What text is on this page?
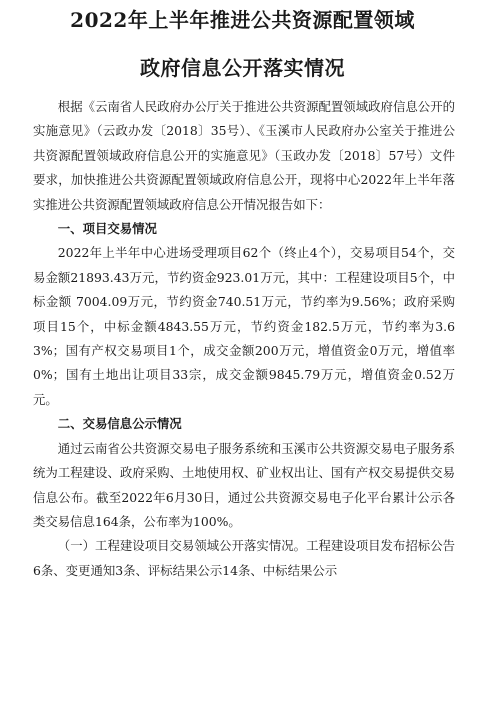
2022年上半年推进公共资源配置领域
政府信息公开落实情况

根据《云南省人民政府办公厅关于推进公共资源配置领域政府信息公开的实施意见》（云政办发〔2018〕35号）、《玉溪市人民政府办公室关于推进公共资源配置领域政府信息公开的实施意见》（玉政办发〔2018〕57号）文件要求，加快推进公共资源配置领域政府信息公开，现将中心2022年上半年落实推进公共资源配置领域政府信息公开情况报告如下：

一、项目交易情况

2022年上半年中心进场受理项目62个（终止4个），交易项目54个，交易金额21893.43万元，节约资金923.01万元，其中：工程建设项目5个，中标金额 7004.09万元，节约资金740.51万元，节约率为9.56%；政府采购项目15个，中标金额4843.55万元，节约资金182.5万元，节约率为3.63%；国有产权交易项目1个，成交金额200万元，增值资金0万元，增值率0%；国有土地出让项目33宗，成交金额9845.79万元，增值资金0.52万元。

二、交易信息公示情况

通过云南省公共资源交易电子服务系统和玉溪市公共资源交易电子服务系统为工程建设、政府采购、土地使用权、矿业权出让、国有产权交易提供交易信息公布。截至2022年6月30日，通过公共资源交易电子化平台累计公示各类交易信息164条，公布率为100%。

（一）工程建设项目交易领域公开落实情况。工程建设项目发布招标公告6条、变更通知3条、评标结果公示14条、中标结果公示
